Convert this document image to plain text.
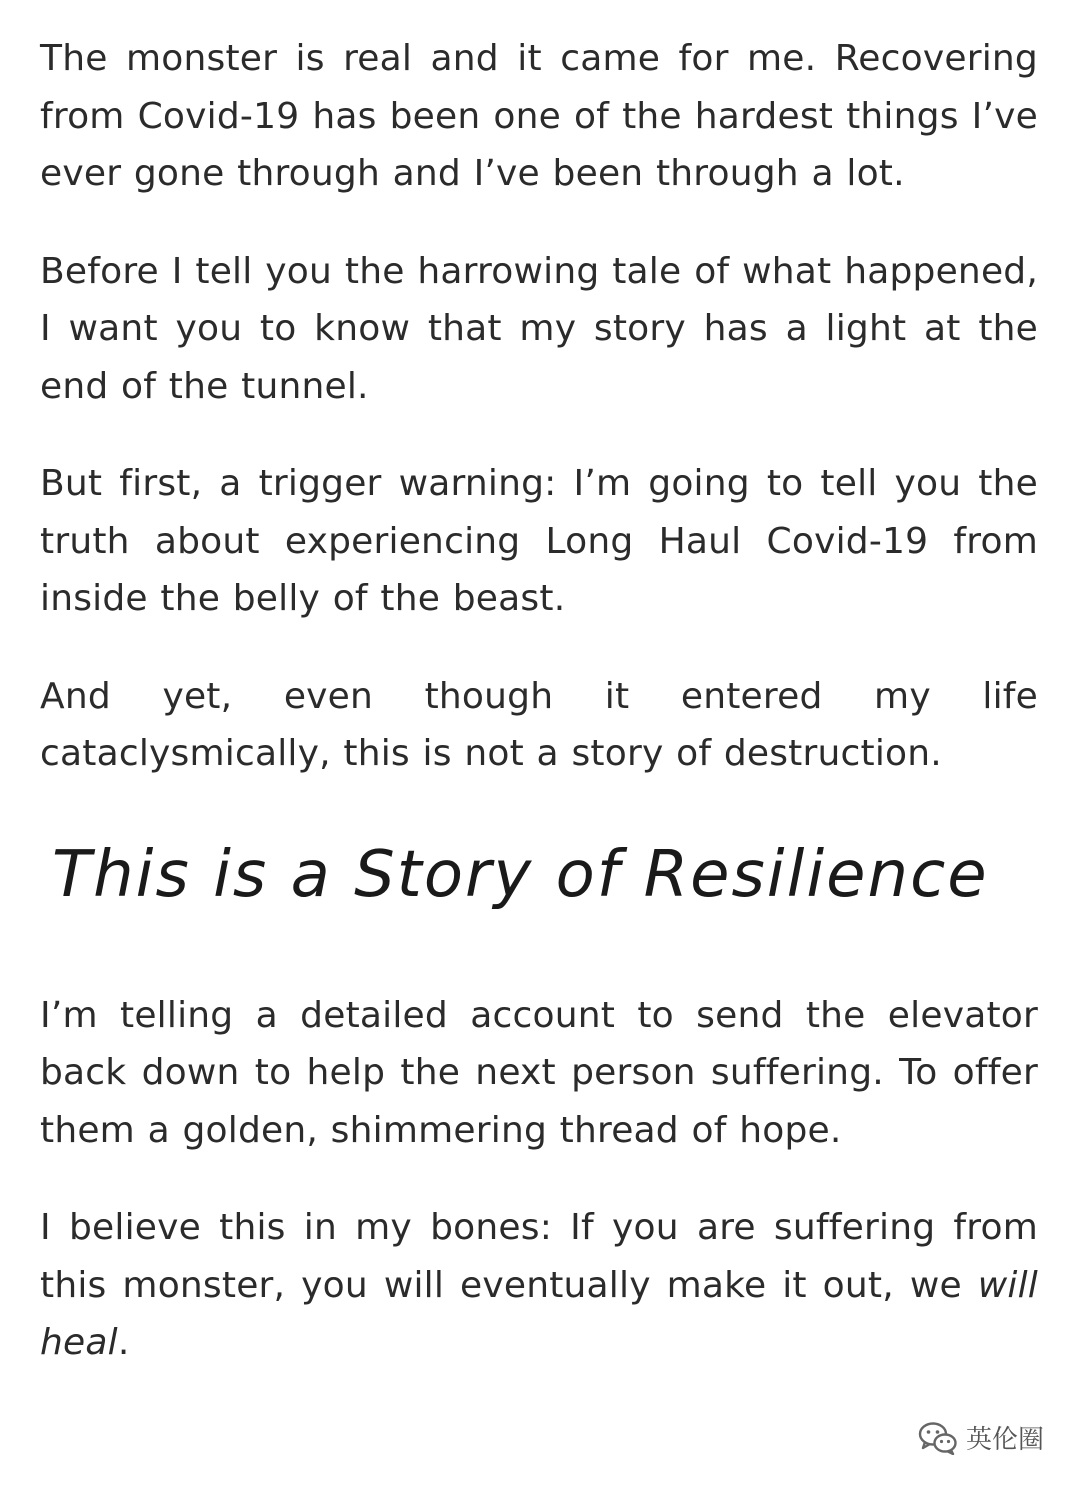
The monster is real and it came for me. Recovering from Covid-19 has been one of the hardest things I’ve ever gone through and I’ve been through a lot.

Before I tell you the harrowing tale of what happened, I want you to know that my story has a light at the end of the tunnel.

But first, a trigger warning: I’m going to tell you the truth about experiencing Long Haul Covid-19 from inside the belly of the beast.

And yet, even though it entered my life cataclysmically, this is not a story of destruction.

This is a Story of Resilience

I’m telling a detailed account to send the elevator back down to help the next person suffering. To offer them a golden, shimmering thread of hope.

I believe this in my bones: If you are suffering from this monster, you will eventually make it out, we will heal.

英伦圈
